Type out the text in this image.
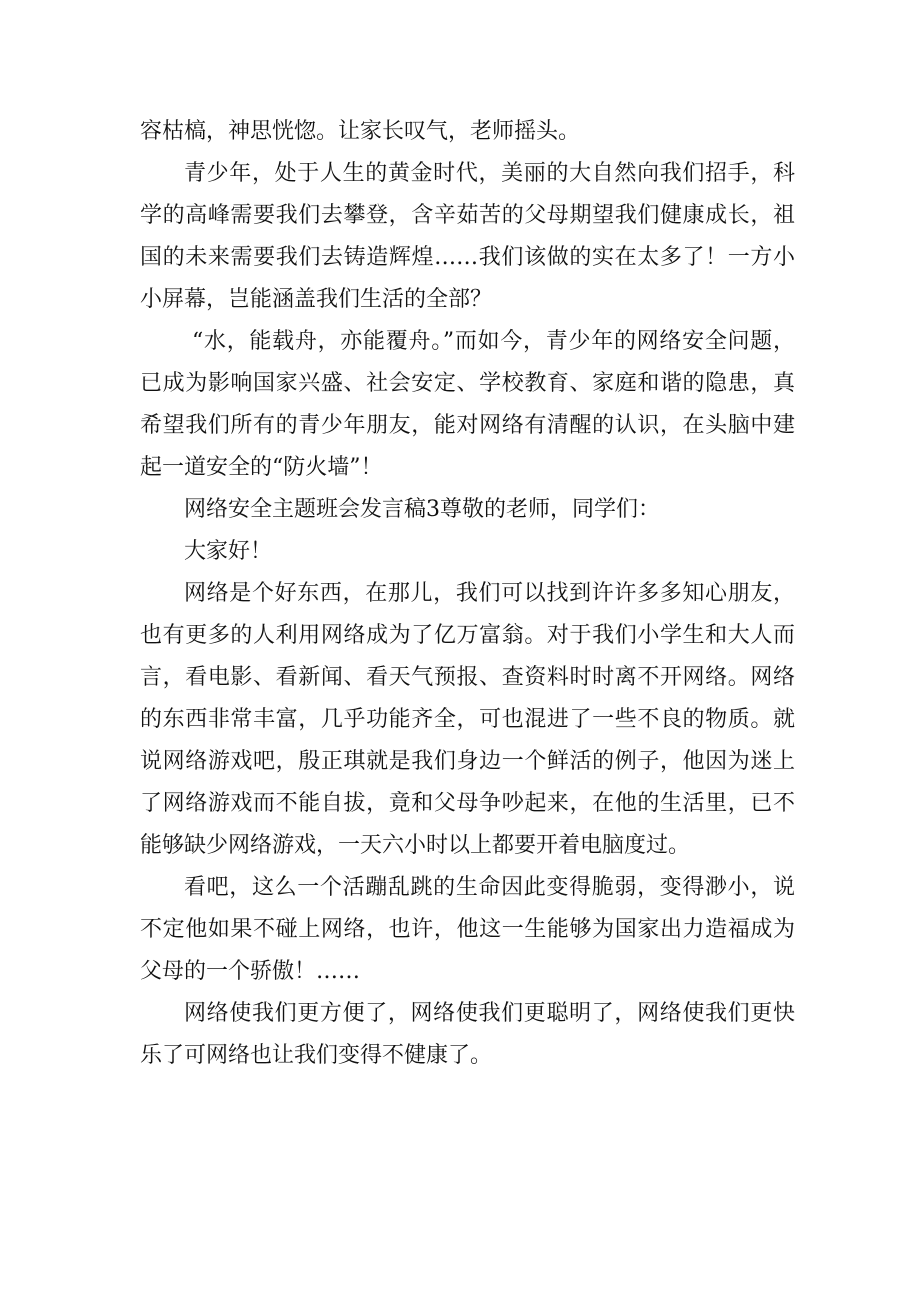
容枯槁，神思恍惚。让家长叹气，老师摇头。

青少年，处于人生的黄金时代，美丽的大自然向我们招手，科学的高峰需要我们去攀登，含辛茹苦的父母期望我们健康成长，祖国的未来需要我们去铸造辉煌……我们该做的实在太多了！一方小小屏幕，岂能涵盖我们生活的全部？

“水，能载舟，亦能覆舟。”而如今，青少年的网络安全问题，已成为影响国家兴盛、社会安定、学校教育、家庭和谐的隐患，真希望我们所有的青少年朋友，能对网络有清醒的认识，在头脑中建起一道安全的“防火墙”！

网络安全主题班会发言稿3尊敬的老师，同学们：

大家好！

网络是个好东西，在那儿，我们可以找到许许多多知心朋友，也有更多的人利用网络成为了亿万富翁。对于我们小学生和大人而言，看电影、看新闻、看天气预报、查资料时时离不开网络。网络的东西非常丰富，几乎功能齐全，可也混进了一些不良的物质。就说网络游戏吧，殷正琪就是我们身边一个鲜活的例子，他因为迷上了网络游戏而不能自拔，竟和父母争吵起来，在他的生活里，已不能够缺少网络游戏，一天六小时以上都要开着电脑度过。

看吧，这么一个活蹦乱跳的生命因此变得脆弱，变得渺小，说不定他如果不碰上网络，也许，他这一生能够为国家出力造福成为父母的一个骄傲！……

网络使我们更方便了，网络使我们更聪明了，网络使我们更快乐了可网络也让我们变得不健康了。
